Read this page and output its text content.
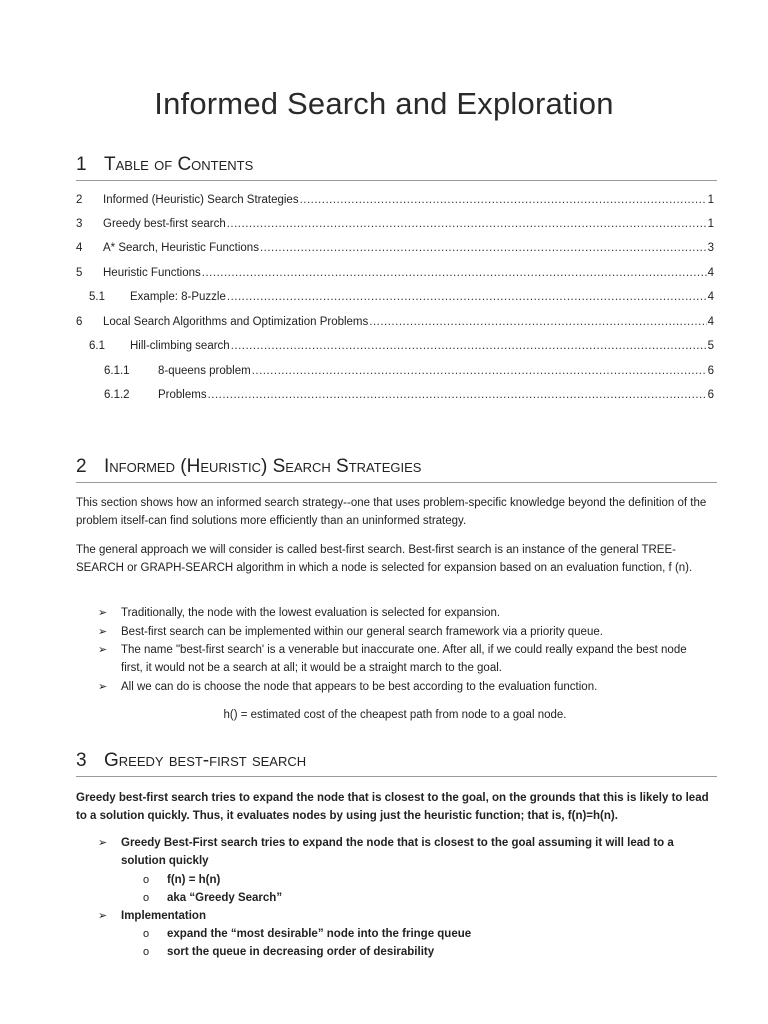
Informed Search and Exploration
1 Table of Contents
2	Informed (Heuristic) Search Strategies .....	1
3	Greedy best-first search .....	1
4	A* Search, Heuristic Functions .....	3
5	Heuristic Functions .....	4
5.1	Example: 8-Puzzle .....	4
6	Local Search Algorithms and Optimization Problems .....	4
6.1	Hill-climbing search .....	5
6.1.1	8-queens problem .....	6
6.1.2	Problems .....	6
2 Informed (Heuristic) Search Strategies

This section shows how an informed search strategy--one that uses problem-specific knowledge beyond the definition of the problem itself-can find solutions more efficiently than an uninformed strategy.

The general approach we will consider is called best-first search. Best-first search is an instance of the general TREE-SEARCH or GRAPH-SEARCH algorithm in which a node is selected for expansion based on an evaluation function, f (n).

➢	Traditionally, the node with the lowest evaluation is selected for expansion.
➢	Best-first search can be implemented within our general search framework via a priority queue.
➢	The name "best-first search' is a venerable but inaccurate one. After all, if we could really expand the best node first, it would not be a search at all; it would be a straight march to the goal.
➢	All we can do is choose the node that appears to be best according to the evaluation function.
h() = estimated cost of the cheapest path from node to a goal node.
3 Greedy best-first search

Greedy best-first search tries to expand the node that is closest to the goal, on the grounds that this is likely to lead to a solution quickly. Thus, it evaluates nodes by using just the heuristic function; that is, f(n)=h(n).

➢	Greedy Best-First search tries to expand the node that is closest to the goal assuming it will lead to a solution quickly
o	f(n) = h(n)
o	aka “Greedy Search”
➢	Implementation
o	expand the “most desirable” node into the fringe queue
o	sort the queue in decreasing order of desirability
